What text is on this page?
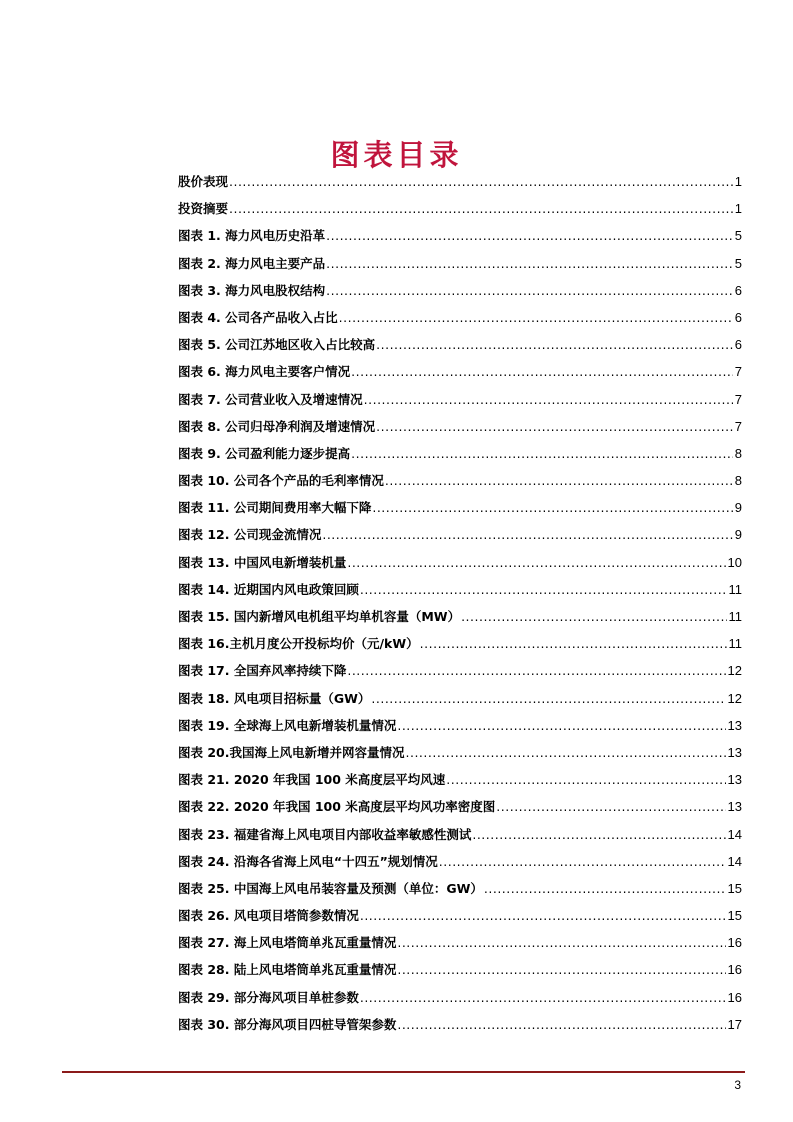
图表目录
股价表现 .....	1
投资摘要 .....	1
图表 1. 海力风电历史沿革 .....	5
图表 2. 海力风电主要产品 .....	5
图表 3. 海力风电股权结构 .....	6
图表 4. 公司各产品收入占比 .....	6
图表 5. 公司江苏地区收入占比较高 .....	6
图表 6. 海力风电主要客户情况 .....	7
图表 7. 公司营业收入及增速情况 .....	7
图表 8. 公司归母净利润及增速情况 .....	7
图表 9. 公司盈利能力逐步提高 .....	8
图表 10. 公司各个产品的毛利率情况 .....	8
图表 11. 公司期间费用率大幅下降 .....	9
图表 12. 公司现金流情况 .....	9
图表 13. 中国风电新增装机量 .....	10
图表 14. 近期国内风电政策回顾 .....	11
图表 15. 国内新增风电机组平均单机容量（MW） .....	11
图表 16.主机月度公开投标均价（元/kW） .....	11
图表 17. 全国弃风率持续下降 .....	12
图表 18. 风电项目招标量（GW） .....	12
图表 19. 全球海上风电新增装机量情况 .....	13
图表 20.我国海上风电新增并网容量情况 .....	13
图表 21. 2020 年我国 100 米高度层平均风速 .....	13
图表 22. 2020 年我国 100 米高度层平均风功率密度图 .....	13
图表 23. 福建省海上风电项目内部收益率敏感性测试 .....	14
图表 24. 沿海各省海上风电“十四五”规划情况 .....	14
图表 25. 中国海上风电吊装容量及预测（单位：GW） .....	15
图表 26. 风电项目塔筒参数情况 .....	15
图表 27. 海上风电塔筒单兆瓦重量情况 .....	16
图表 28. 陆上风电塔筒单兆瓦重量情况 .....	16
图表 29. 部分海风项目单桩参数 .....	16
图表 30. 部分海风项目四桩导管架参数 .....	17
3
